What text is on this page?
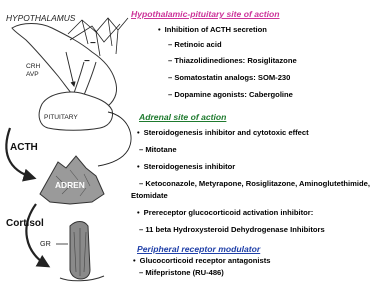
−
−
HYPOTHALAMUS
CRH
AVP
PITUITARY
ACTH
ADREN
Cortisol
GR
Hypothalamic-pituitary site of action
• Inhibition of ACTH secretion
– Retinoic acid
– Thiazolidinediones: Rosiglitazone
– Somatostatin analogs: SOM-230
– Dopamine agonists: Cabergoline
Adrenal site of action
• Steroidogenesis inhibitor and cytotoxic effect
– Mitotane
• Steroidogenesis inhibitor
– Ketoconazole, Metyrapone, Rosiglitazone, Aminoglutethimide,
Etomidate
• Prereceptor glucocorticoid activation inhibitor:
– 11 beta Hydroxysteroid Dehydrogenase Inhibitors
Peripheral receptor modulator
• Glucocorticoid receptor antagonists
– Mifepristone (RU-486)
